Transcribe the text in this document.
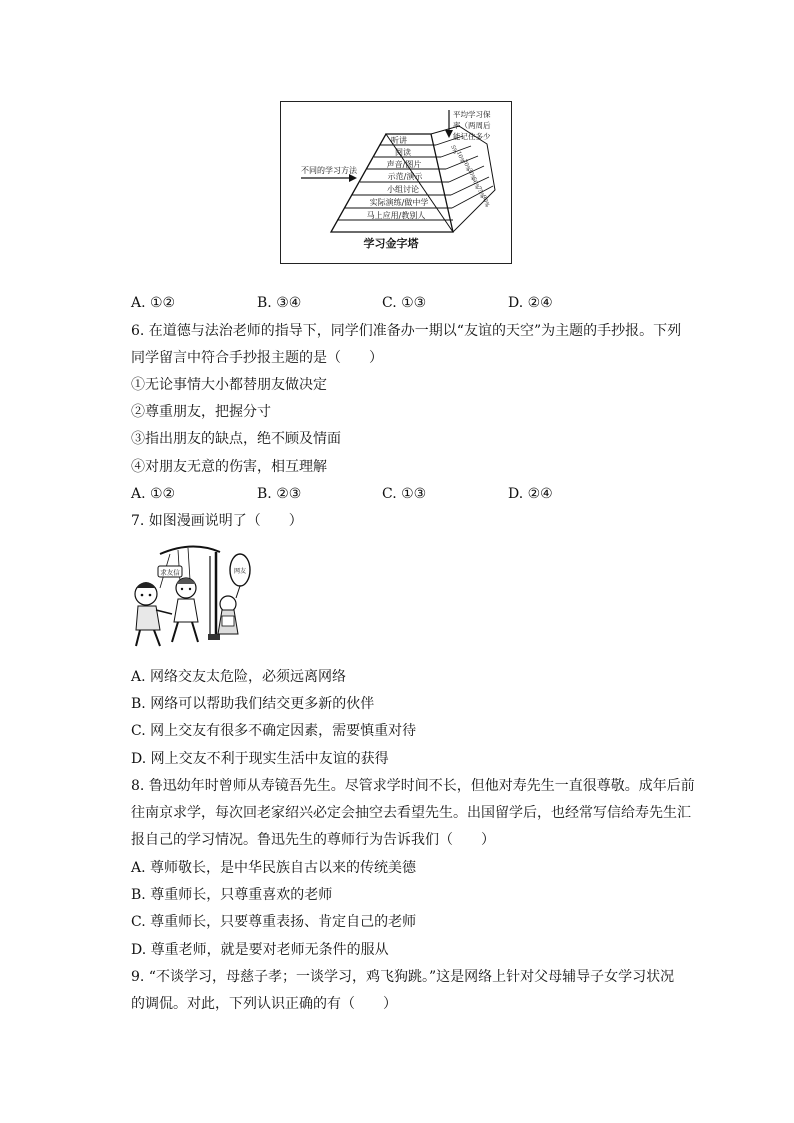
听讲
阅读
声音/图片
示范/演示
小组讨论
实际演练/做中学
马上应用/教别人
5%
10%
20%
30%
50%
75%
90%
不同的学习方法
平均学习保
率（两周后
能记住多少
学习金字塔
A. ①②	B. ③④	C. ①③	D. ②④
6. 在道德与法治老师的指导下，同学们准备办一期以“友谊的天空”为主题的手抄报。下列
同学留言中符合手抄报主题的是（　　）
①无论事情大小都替朋友做决定
②尊重朋友，把握分寸
③指出朋友的缺点，绝不顾及情面
④对朋友无意的伤害，相互理解
A. ①②	B. ②③	C. ①③	D. ②④
7. 如图漫画说明了（　　）
求友信	网友
A. 网络交友太危险，必须远离网络
B. 网络可以帮助我们结交更多新的伙伴
C. 网上交友有很多不确定因素，需要慎重对待
D. 网上交友不利于现实生活中友谊的获得
8. 鲁迅幼年时曾师从寿镜吾先生。尽管求学时间不长，但他对寿先生一直很尊敬。成年后前
往南京求学，每次回老家绍兴必定会抽空去看望先生。出国留学后，也经常写信给寿先生汇
报自己的学习情况。鲁迅先生的尊师行为告诉我们（　　）
A. 尊师敬长，是中华民族自古以来的传统美德
B. 尊重师长，只尊重喜欢的老师
C. 尊重师长，只要尊重表扬、肯定自己的老师
D. 尊重老师，就是要对老师无条件的服从
9. “不谈学习，母慈子孝；一谈学习，鸡飞狗跳。”这是网络上针对父母辅导子女学习状况
的调侃。对此，下列认识正确的有（　　）
